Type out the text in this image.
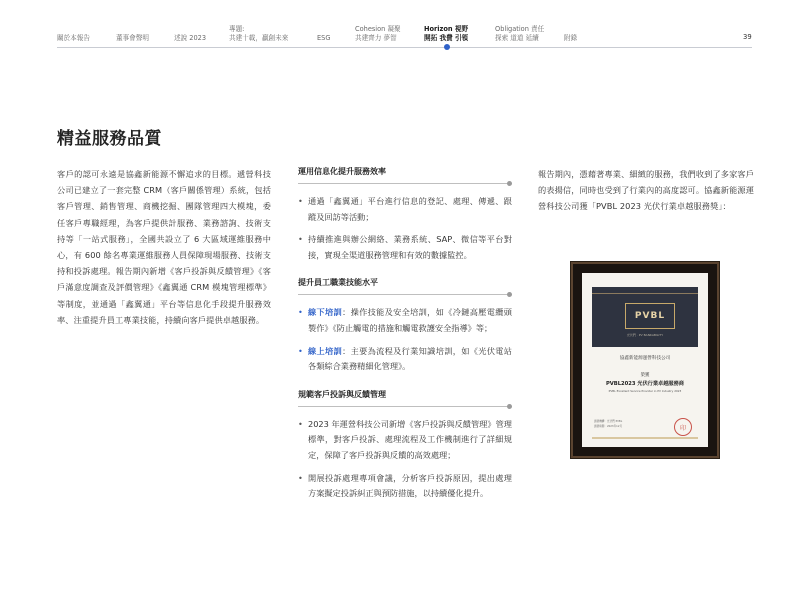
關於本報告
	董事會聲明
	述說 2023
專題:
共建十載，贏創未來
	ESG
Cohesion 凝聚
共建齊力 夢智
Horizon 視野
開拓 我費 引領
Obligation 責任
探索 道道 延續
	附錄	39
精益服務品質

客戶的認可永遠是協鑫新能源不懈追求的目標。遞營科技公司已建立了一套完整 CRM（客戶關係管理）系統，包括客戶管理、銷售管理、商機挖掘、團隊管理四大模塊，委任客戶專職經理，為客戶提供計服務、業務諮詢、技術支持等「一站式服務」，全國共設立了 6 大區域運維服務中心，有 600 餘名專業運維服務人員保障現場服務、技術支持和投訴處理。報告期內新增《客戶投訴與反饋管理》《客戶滿意度調查及評價管理》《鑫翼通 CRM 模塊管理標準》等制度，並通過「鑫翼通」平台等信息化手段提升服務效率、注重提升員工專業技能，持續向客戶提供卓越服務。

運用信息化提升服務效率
• 通過「鑫翼通」平台進行信息的登記、處理、傳遞、跟蹤及回訪等活動；
• 持續推進與辦公網絡、業務系統、SAP、微信等平台對接，實現全渠道服務管理和有效的數據監控。
提升員工職業技能水平
• 線下培訓：操作技能及安全培訓，如《冷鏈高壓電纜頭製作》《防止觸電的措施和觸電救護安全指導》等；
• 線上培訓：主要為流程及行業知識培訓，如《光伏電站各類綜合業務精細化管理》。
規範客戶投訴與反饋管理
• 2023 年運營科技公司新增《客戶投訴與反饋管理》管理標準，對客戶投訴、處理流程及工作機制進行了詳細規定，保障了客戶投訴與反饋的高效處理；
• 開展投訴處理專項會議，分析客戶投訴原因，提出處理方案擬定投訴糾正與預防措施，以持續優化提升。

報告期內，憑藉著專業、細緻的服務，我們收到了多家客戶的表揚信，同時也受到了行業內的高度認可。協鑫新能源運營科技公司獲「PVBL 2023 光伏行業卓越服務獎」：

PVBL
光伏們 · PV BANKABILITY
協鑫新能源運營科技公司
榮獲
PVBL2023 光伏行業卓越服務商
PVBL Excellent Service Provider in PV Industry 2023
頒發機構：光伏們 PVBL
頒發時間：2023年12月	印
